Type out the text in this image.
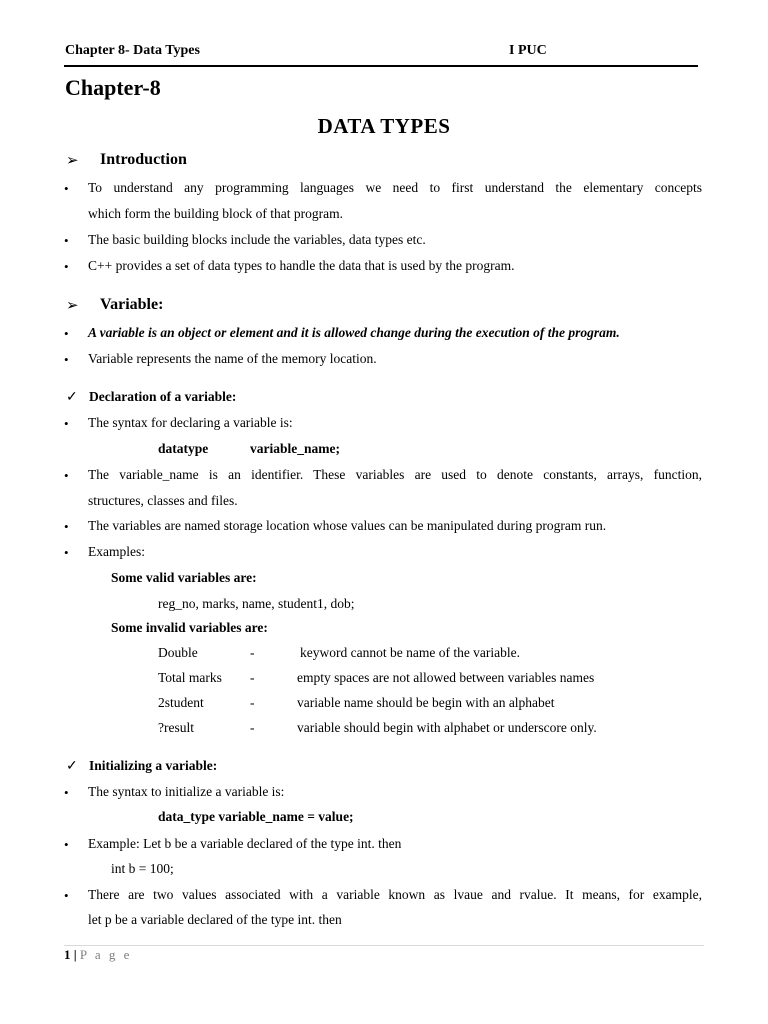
Chapter 8- Data Types	I PUC
Chapter-8
DATA TYPES
➢ Introduction
• To understand any programming languages we need to first understand the elementary concepts
which form the building block of that program.
• The basic building blocks include the variables, data types etc.
• C++ provides a set of data types to handle the data that is used by the program.
➢ Variable:
• A variable is an object or element and it is allowed change during the execution of the program.
• Variable represents the name of the memory location.
✓ Declaration of a variable:
• The syntax for declaring a variable is:
datatype	variable_name;
• The variable_name is an identifier. These variables are used to denote constants, arrays, function,
structures, classes and files.
• The variables are named storage location whose values can be manipulated during program run.
• Examples:
Some valid variables are:
reg_no, marks, name, student1, dob;
Some invalid variables are:
Double	-	keyword cannot be name of the variable.
Total marks -	empty spaces are not allowed between variables names
2student	-	variable name should be begin with an alphabet
?result	-	variable should begin with alphabet or underscore only.
✓ Initializing a variable:
• The syntax to initialize a variable is:
data_type variable_name = value;
• Example: Let b be a variable declared of the type int. then
int b = 100;
• There are two values associated with a variable known as lvaue and rvalue. It means, for example,
let p be a variable declared of the type int. then
1 | P a g e
